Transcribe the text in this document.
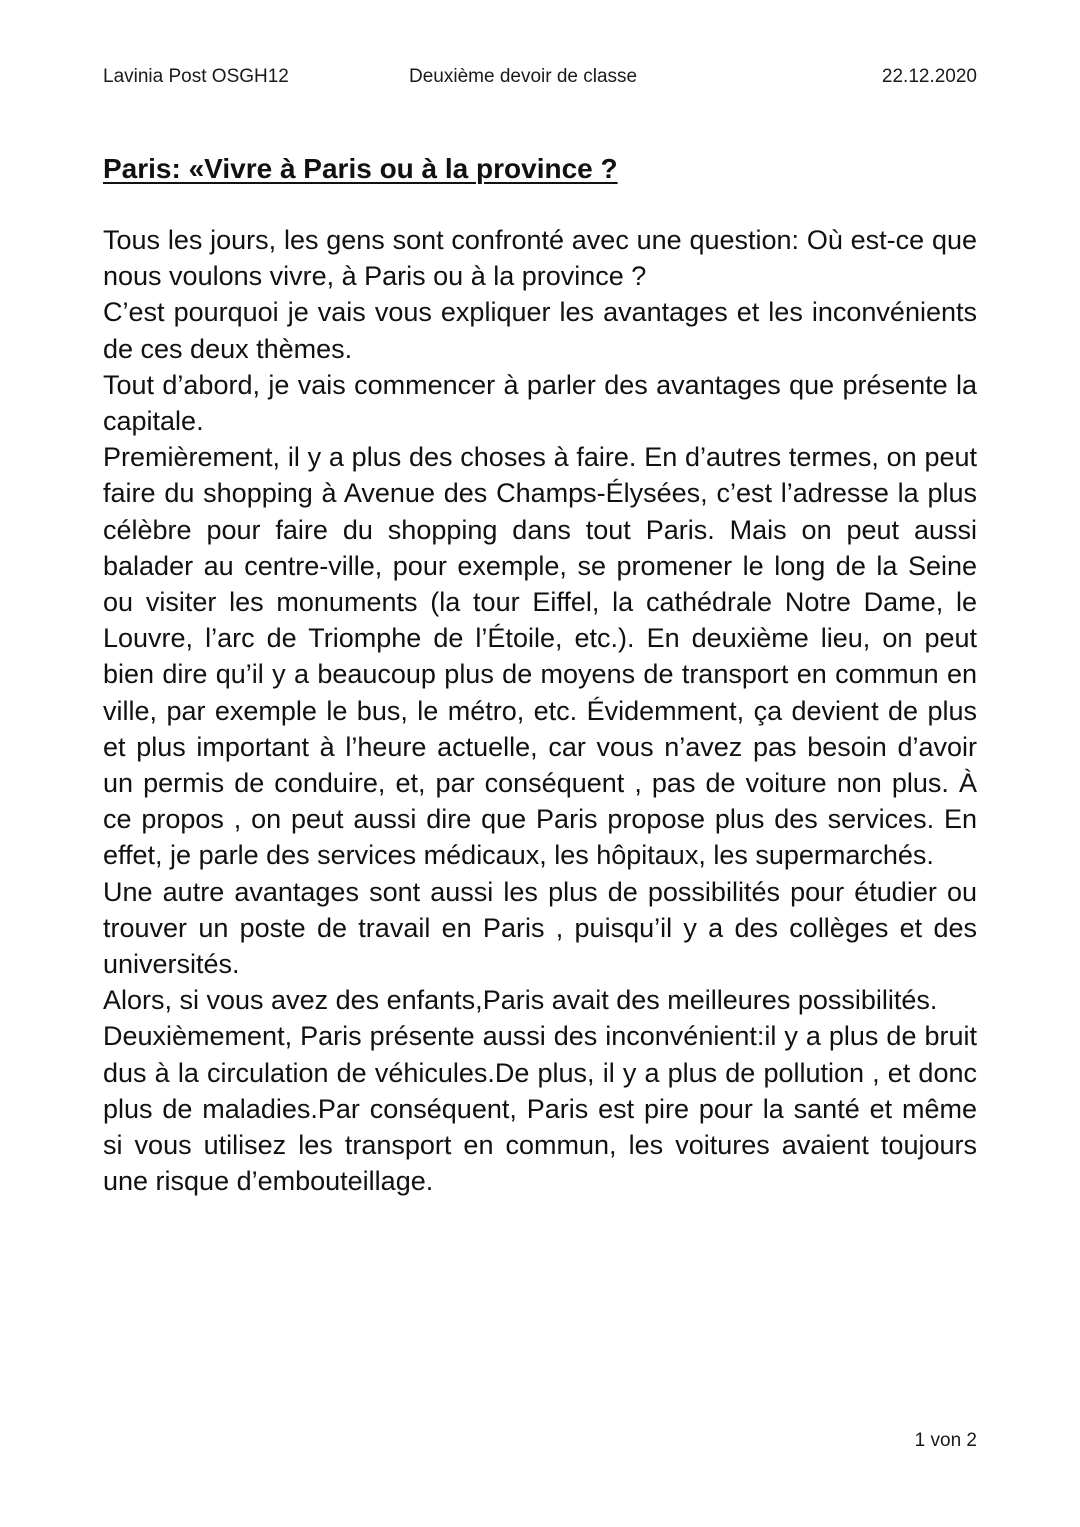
Lavinia Post OSGH12	Deuxième devoir de classe	22.12.2020
Paris: «Vivre à Paris ou à la province ?

Tous les jours, les gens sont confronté avec une question: Où est-ce que nous voulons vivre, à Paris ou à la province ?

C’est pourquoi je vais vous expliquer les avantages et les inconvénients de ces deux thèmes.

Tout d’abord, je vais commencer à parler des avantages que présente la capitale.

Premièrement, il y a plus des choses à faire. En d’autres termes, on peut faire du shopping à Avenue des Champs-Élysées, c’est l’adresse la plus célèbre pour faire du shopping dans tout Paris. Mais on peut aussi balader au centre-ville, pour exemple, se promener le long de la Seine ou visiter les monuments (la tour Eiffel, la cathédrale Notre Dame, le Louvre, l’arc de Triomphe de l’Étoile, etc.). En deuxième lieu, on peut bien dire qu’il y a beaucoup plus de moyens de transport en commun en ville, par exemple le bus, le métro, etc. Évidemment, ça devient de plus et plus important à l’heure actuelle, car vous n’avez pas besoin d’avoir un permis de conduire, et, par conséquent , pas de voiture non plus. À ce propos , on peut aussi dire que Paris propose plus des services. En effet, je parle des services médicaux, les hôpitaux, les supermarchés.

Une autre avantages sont aussi les plus de possibilités pour étudier ou trouver un poste de travail en Paris , puisqu’il y a des collèges et des universités.

Alors, si vous avez des enfants,Paris avait des meilleures possibilités.

Deuxièmement, Paris présente aussi des inconvénient:il y a plus de bruit dus à la circulation de véhicules.De plus, il y a plus de pollution , et donc plus de maladies.Par conséquent, Paris est pire pour la santé et même si vous utilisez les transport en commun, les voitures avaient toujours une risque d’embouteillage.

1 von 2
